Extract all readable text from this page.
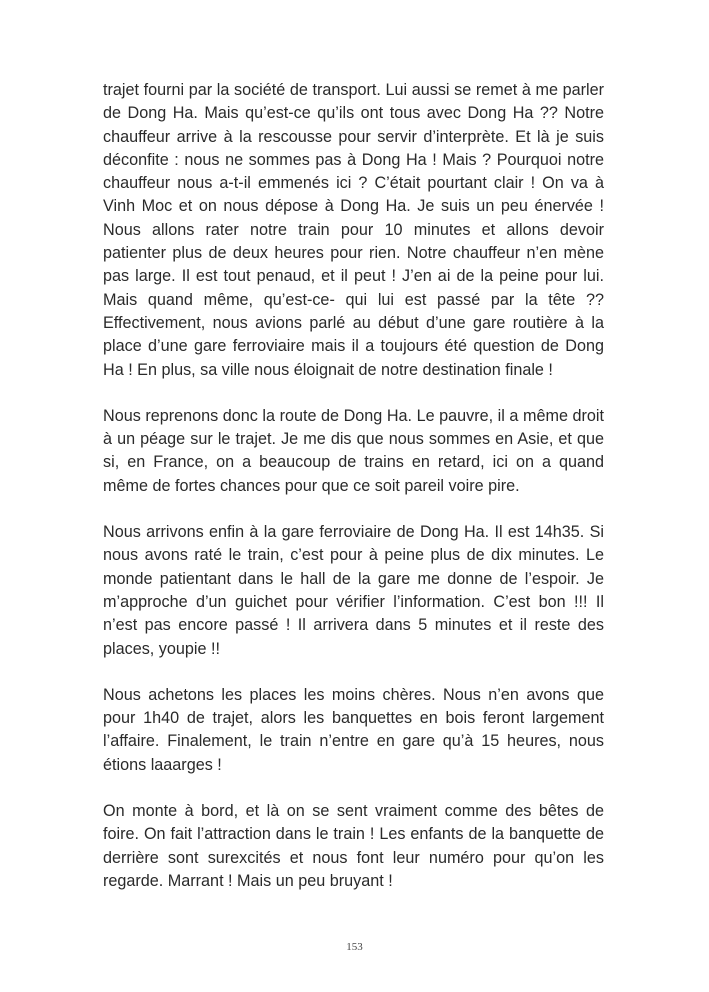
trajet fourni par la société de transport. Lui aussi se remet à me parler de Dong Ha. Mais qu’est-ce qu’ils ont tous avec Dong Ha ?? Notre chauffeur arrive à la rescousse pour servir d’interprète. Et là je suis déconfite : nous ne sommes pas à Dong Ha ! Mais ? Pourquoi notre chauffeur nous a-t-il emmenés ici ? C’était pourtant clair ! On va à Vinh Moc et on nous dépose à Dong Ha. Je suis un peu énervée ! Nous allons rater notre train pour 10 minutes et allons devoir patienter plus de deux heures pour rien. Notre chauffeur n’en mène pas large. Il est tout penaud, et il peut ! J’en ai de la peine pour lui. Mais quand même, qu’est-ce- qui lui est passé par la tête ?? Effectivement, nous avions parlé au début d’une gare routière à la place d’une gare ferroviaire mais il a toujours été question de Dong Ha ! En plus, sa ville nous éloignait de notre destination finale !

Nous reprenons donc la route de Dong Ha. Le pauvre, il a même droit à un péage sur le trajet. Je me dis que nous sommes en Asie, et que si, en France, on a beaucoup de trains en retard, ici on a quand même de fortes chances pour que ce soit pareil voire pire.

Nous arrivons enfin à la gare ferroviaire de Dong Ha. Il est 14h35. Si nous avons raté le train, c’est pour à peine plus de dix minutes. Le monde patientant dans le hall de la gare me donne de l’espoir. Je m’approche d’un guichet pour vérifier l’information. C’est bon !!! Il n’est pas encore passé ! Il arrivera dans 5 minutes et il reste des places, youpie !!

Nous achetons les places les moins chères. Nous n’en avons que pour 1h40 de trajet, alors les banquettes en bois feront largement l’affaire. Finalement, le train n’entre en gare qu’à 15 heures, nous étions laaarges !

On monte à bord, et là on se sent vraiment comme des bêtes de foire. On fait l’attraction dans le train ! Les enfants de la banquette de derrière sont surexcités et nous font leur numéro pour qu’on les regarde. Marrant ! Mais un peu bruyant !

153
